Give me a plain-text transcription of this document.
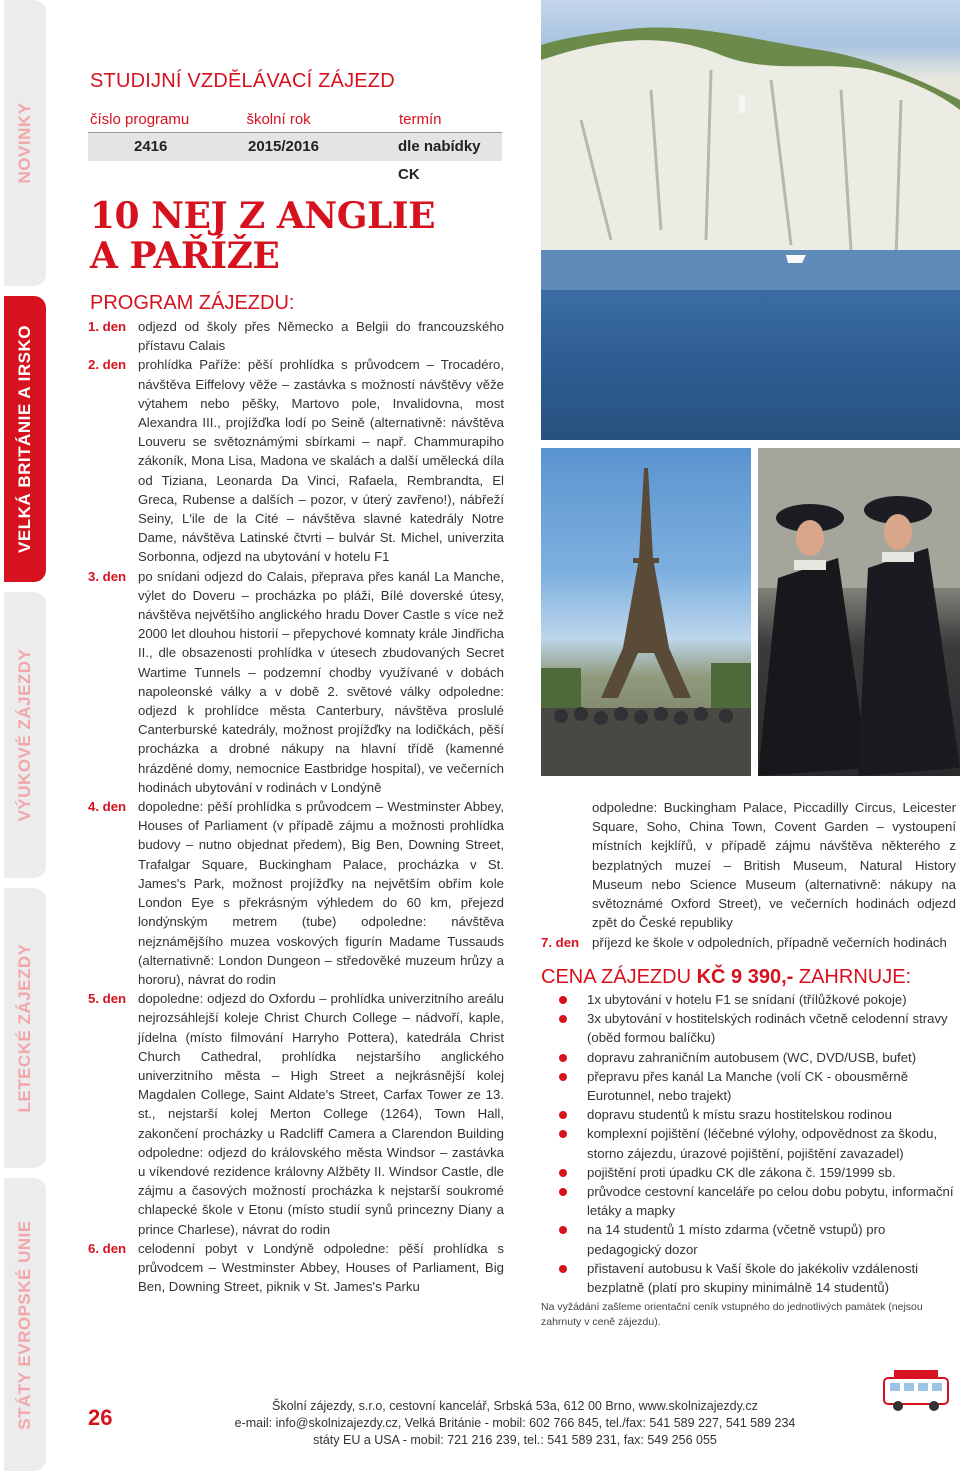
NOVINKY
VELKÁ BRITÁNIE A IRSKO
VÝUKOVÉ ZÁJEZDY
LETECKÉ ZÁJEZDY
STÁTY EVROPSKÉ UNIE
STUDIJNÍ VZDĚLÁVACÍ ZÁJEZD
číslo programu	školní rok	termín
2416	2015/2016	dle nabídky CK
10 NEJ Z ANGLIE
A PAŘÍŽE
PROGRAM ZÁJEZDU:
1. den odjezd od školy přes Německo a Belgii do francouzského přístavu Calais
2. den prohlídka Paříže: pěší prohlídka s průvodcem – Trocadéro, návštěva Eiffelovy věže – zastávka s možností návštěvy věže výtahem nebo pěšky, Martovo pole, Invalidovna, most Alexandra III., projížďka lodí po Seině (alternativně: návštěva Louveru se světoznámými sbírkami – např. Chammurapiho zákoník, Mona Lisa, Madona ve skalách a další umělecká díla od Tiziana, Leonarda Da Vinci, Rafaela, Rembrandta, El Greca, Rubense a dalších – pozor, v úterý zavřeno!), nábřeží Seiny, L'ile de la Cité – návštěva slavné katedrály Notre Dame, návštěva Latinské čtvrti – bulvár St. Michel, univerzita Sorbonna, odjezd na ubytování v hotelu F1
3. den po snídani odjezd do Calais, přeprava přes kanál La Manche, výlet do Doveru – procházka po pláži, Bílé doverské útesy, návštěva největšího anglického hradu Dover Castle s více než 2000 let dlouhou historií – přepychové komnaty krále Jindřicha II., dle obsazenosti prohlídka v útesech zbudovaných Secret Wartime Tunnels – podzemní chodby využívané v dobách napoleonské války a v době 2. světové války odpoledne: odjezd k prohlídce města Canterbury, návštěva proslulé Canterburské katedrály, možnost projížďky na lodičkách, pěší procházka a drobné nákupy na hlavní třídě (kamenné hrázděné domy, nemocnice Eastbridge hospital), ve večerních hodinách ubytování v rodinách v Londýně
4. den dopoledne: pěší prohlídka s průvodcem – Westminster Abbey, Houses of Parliament (v případě zájmu a možnosti prohlídka budovy – nutno objednat předem), Big Ben, Downing Street, Trafalgar Square, Buckingham Palace, procházka v St. James's Park, možnost projížďky na největším obřím kole London Eye s překrásným výhledem do 60 km, přejezd londýnským metrem (tube) odpoledne: návštěva nejznámějšího muzea voskových figurín Madame Tussauds (alternativně: London Dungeon – středověké muzeum hrůzy a hororu), návrat do rodin
5. den dopoledne: odjezd do Oxfordu – prohlídka univerzitního areálu nejrozsáhlejší koleje Christ Church College – nádvoří, kaple, jídelna (místo filmování Harryho Pottera), katedrála Christ Church Cathedral, prohlídka nejstaršího anglického univerzitního města – High Street a nejkrásnější kolej Magdalen College, Saint Aldate's Street, Carfax Tower ze 13. st., nejstarší kolej Merton College (1264), Town Hall, zakončení procházky u Radcliff Camera a Clarendon Building odpoledne: odjezd do královského města Windsor – zastávka u víkendové rezidence královny Alžběty II. Windsor Castle, dle zájmu a časových možností procházka k nejstarší soukromé chlapecké škole v Etonu (místo studií synů princezny Diany a prince Charlese), návrat do rodin
6. den celodenní pobyt v Londýně odpoledne: pěší prohlídka s průvodcem – Westminster Abbey, Houses of Parliament, Big Ben, Downing Street, piknik v St. James's Parku
odpoledne: Buckingham Palace, Piccadilly Circus, Leicester Square, Soho, China Town, Covent Garden – vystoupení místních kejklířů, v případě zájmu návštěva některého z bezplatných muzeí – British Museum, Natural History Museum nebo Science Museum (alternativně: nákupy na světoznámé Oxford Street), ve večerních hodinách odjezd zpět do České republiky
7. den příjezd ke škole v odpoledních, případně večerních hodinách
CENA ZÁJEZDU KČ 9 390,- ZAHRNUJE:
1x ubytování v hotelu F1 se snídaní (třílůžkové pokoje)
3x ubytování v hostitelských rodinách včetně celodenní stravy (oběd formou balíčku)
dopravu zahraničním autobusem (WC, DVD/USB, bufet)
přepravu přes kanál La Manche (volí CK - obousměrně Eurotunnel, nebo trajekt)
dopravu studentů k místu srazu hostitelskou rodinou
komplexní pojištění (léčebné výlohy, odpovědnost za škodu, storno zájezdu, úrazové pojištění, pojištění zavazadel)
pojištění proti úpadku CK dle zákona č. 159/1999 sb.
průvodce cestovní kanceláře po celou dobu pobytu, informační letáky a mapky
na 14 studentů 1 místo zdarma (včetně vstupů) pro pedagogický dozor
přistavení autobusu k Vaší škole do jakékoliv vzdálenosti bezplatně (platí pro skupiny minimálně 14 studentů)
Na vyžádání zašleme orientační ceník vstupného do jednotlivých památek (nejsou zahrnuty v ceně zájezdu).
26	Školní zájezdy, s.r.o, cestovní kancelář, Srbská 53a, 612 00 Brno, www.skolnizajezdy.cz
e-mail: info@skolnizajezdy.cz, Velká Británie - mobil: 602 766 845, tel./fax: 541 589 227, 541 589 234
státy EU a USA - mobil: 721 216 239, tel.: 541 589 231, fax: 549 256 055
